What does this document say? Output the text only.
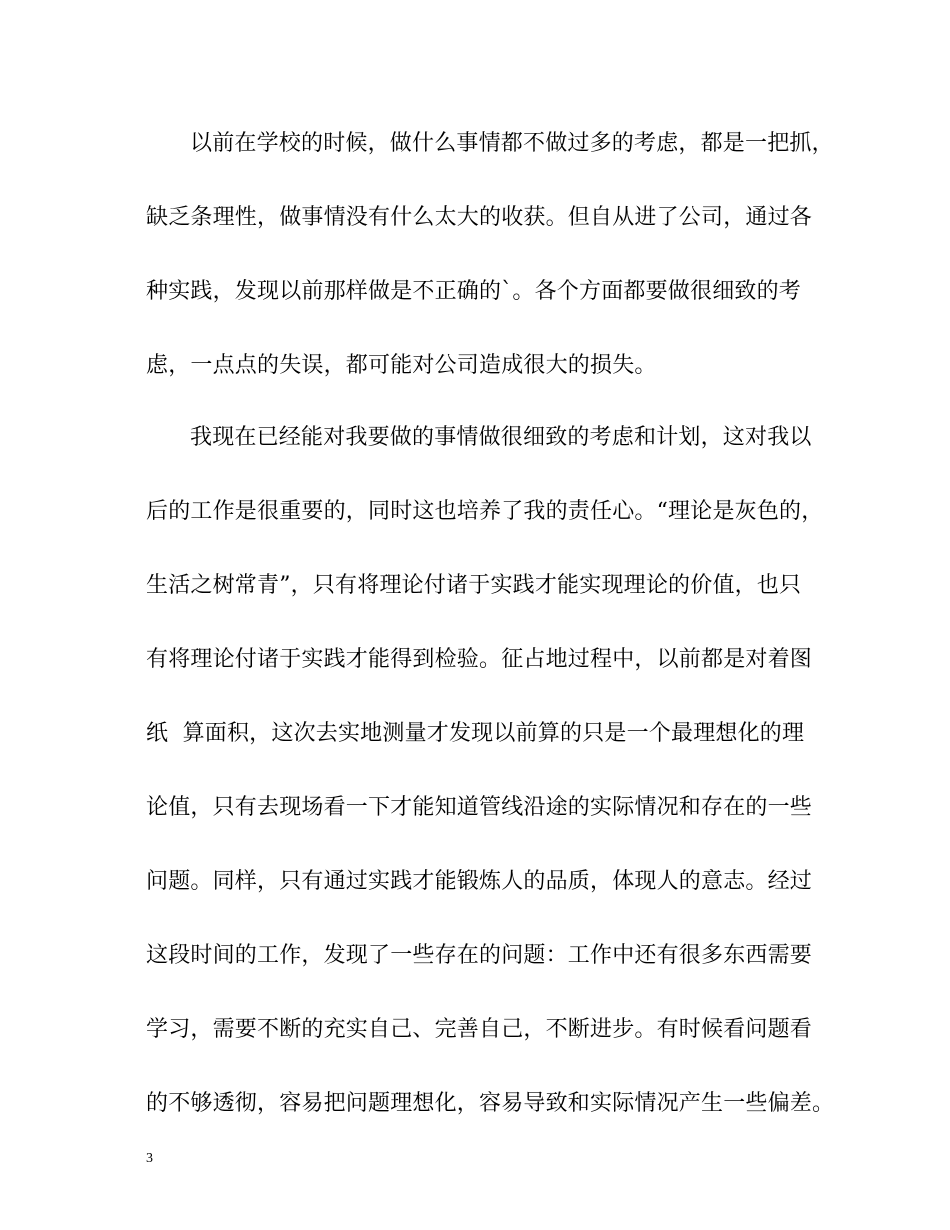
以前在学校的时候，做什么事情都不做过多的考虑，都是一把抓，
缺乏条理性，做事情没有什么太大的收获。但自从进了公司，通过各
种实践，发现以前那样做是不正确的`。各个方面都要做很细致的考
虑，一点点的失误，都可能对公司造成很大的损失。
我现在已经能对我要做的事情做很细致的考虑和计划，这对我以
后的工作是很重要的，同时这也培养了我的责任心。“理论是灰色的，
生活之树常青”，只有将理论付诸于实践才能实现理论的价值，也只
有将理论付诸于实践才能得到检验。征占地过程中，以前都是对着图
纸  算面积，这次去实地测量才发现以前算的只是一个最理想化的理
论值，只有去现场看一下才能知道管线沿途的实际情况和存在的一些
问题。同样，只有通过实践才能锻炼人的品质，体现人的意志。经过
这段时间的工作，发现了一些存在的问题：工作中还有很多东西需要
学习，需要不断的充实自己、完善自己，不断进步。有时候看问题看
的不够透彻，容易把问题理想化，容易导致和实际情况产生一些偏差。
3
